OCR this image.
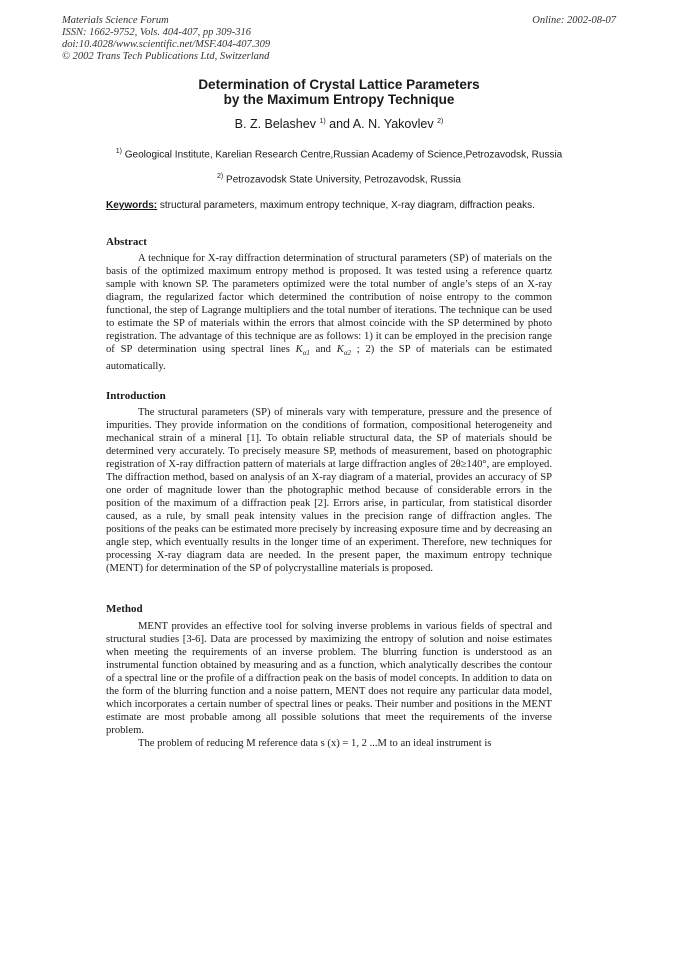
Materials Science Forum
ISSN: 1662-9752, Vols. 404-407, pp 309-316
doi:10.4028/www.scientific.net/MSF.404-407.309
© 2002 Trans Tech Publications Ltd, Switzerland
Online: 2002-08-07
Determination of Crystal Lattice Parameters
by the Maximum Entropy Technique
B. Z. Belashev $^{1)}$ and A. N. Yakovlev $^{2)}$
$^{1)}$ Geological Institute, Karelian Research Centre,Russian Academy of Science,Petrozavodsk, Russia
$^{2)}$ Petrozavodsk State University, Petrozavodsk, Russia
Keywords: structural parameters, maximum entropy technique, X-ray diagram, diffraction peaks.
Abstract

A technique for X-ray diffraction determination of structural parameters (SP) of materials on the basis of the optimized maximum entropy method is proposed. It was tested using a reference quartz sample with known SP. The parameters optimized were the total number of angle’s steps of an X-ray diagram, the regularized factor which determined the contribution of noise entropy to the common functional, the step of Lagrange multipliers and the total number of iterations. The technique can be used to estimate the SP of materials within the errors that almost coincide with the SP determined by photo registration. The advantage of this technique are as follows: 1) it can be employed in the precision range of SP determination using spectral lines $K_{\alpha 1}$ and $K_{\alpha 2}$ ; 2) the SP of materials can be estimated automatically.

Introduction

The structural parameters (SP) of minerals vary with temperature, pressure and the presence of impurities. They provide information on the conditions of formation, compositional heterogeneity and mechanical strain of a mineral [1]. To obtain reliable structural data, the SP of materials should be determined very accurately. To precisely measure SP, methods of measurement, based on photographic registration of X-ray diffraction pattern of materials at large diffraction angles of 2θ≥140°, are employed. The diffraction method, based on analysis of an X-ray diagram of a material, provides an accuracy of SP one order of magnitude lower than the photographic method because of considerable errors in the position of the maximum of a diffraction peak [2]. Errors arise, in particular, from statistical disorder caused, as a rule, by small peak intensity values in the precision range of diffraction angles. The positions of the peaks can be estimated more precisely by increasing exposure time and by decreasing an angle step, which eventually results in the longer time of an experiment. Therefore, new techniques for processing X-ray diagram data are needed. In the present paper, the maximum entropy technique (MENT) for determination of the SP of polycrystalline materials is proposed.

Method

MENT provides an effective tool for solving inverse problems in various fields of spectral and structural studies [3-6]. Data are processed by maximizing the entropy of solution and noise estimates when meeting the requirements of an inverse problem. The blurring function is understood as an instrumental function obtained by measuring and as a function, which analytically describes the contour of a spectral line or the profile of a diffraction peak on the basis of model concepts. In addition to data on the form of the blurring function and a noise pattern, MENT does not require any particular data model, which incorporates a certain number of spectral lines or peaks. Their number and positions in the MENT estimate are most probable among all possible solutions that meet the requirements of the inverse problem.

The problem of reducing M reference data s (x) = 1, 2 ...M to an ideal instrument is
